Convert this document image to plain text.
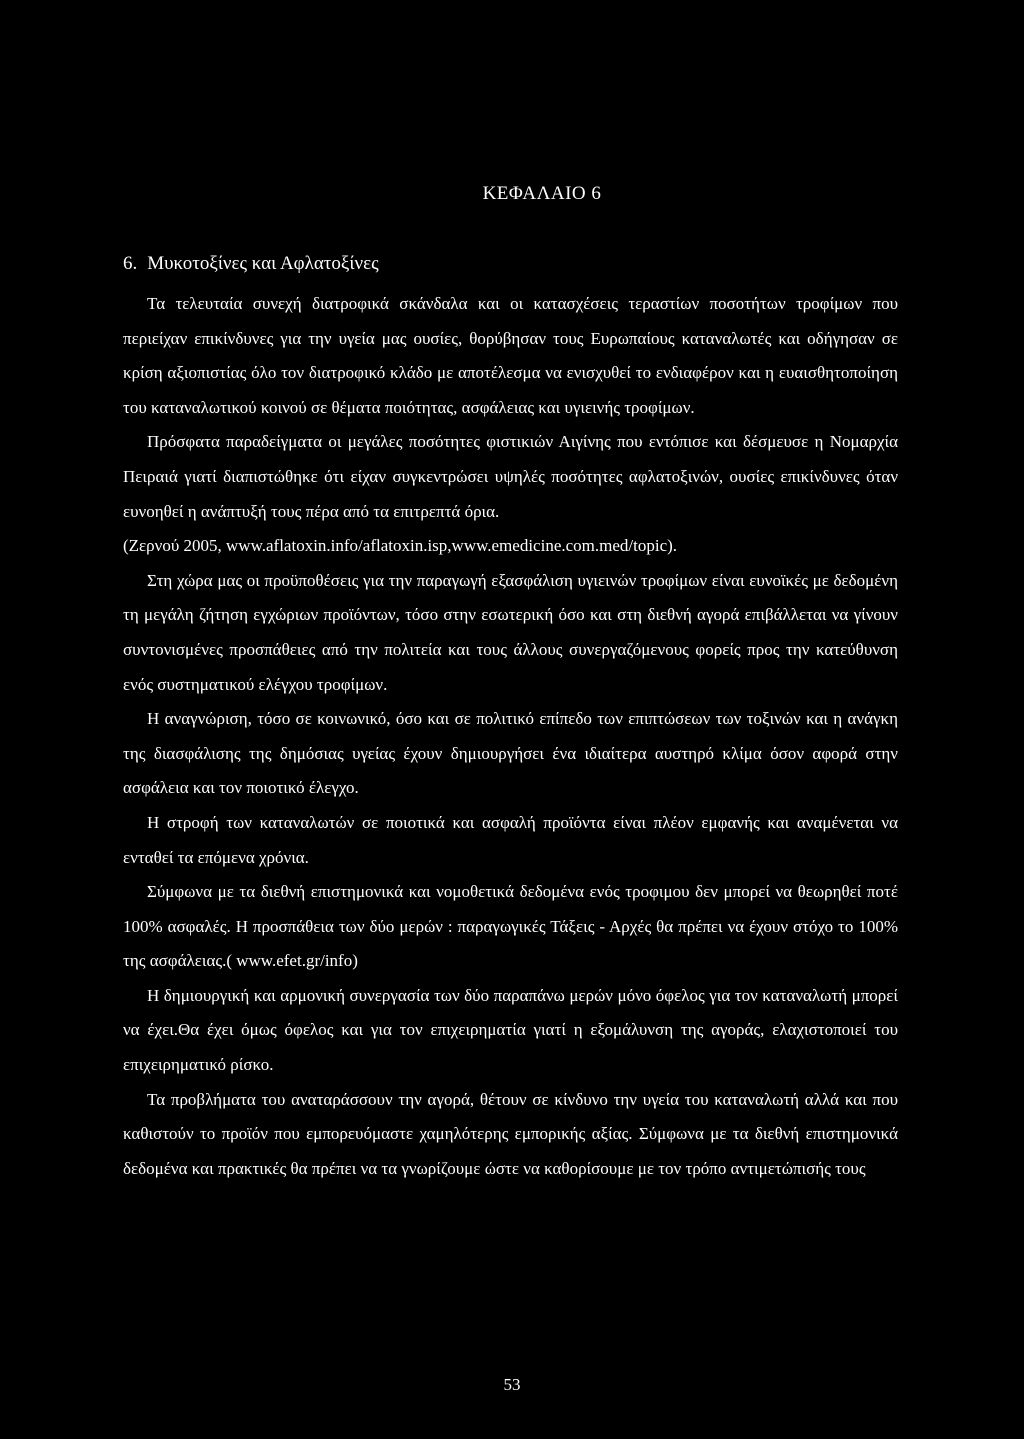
ΚΕΦΑΛΑΙΟ 6
6. Μυκοτοξίνες και Αφλατοξίνες

Τα τελευταία συνεχή διατροφικά σκάνδαλα και οι κατασχέσεις τεραστίων ποσοτήτων τροφίμων που περιείχαν επικίνδυνες για την υγεία μας ουσίες, θορύβησαν τους Ευρωπαίους καταναλωτές και οδήγησαν σε κρίση αξιοπιστίας όλο τον διατροφικό κλάδο με αποτέλεσμα να ενισχυθεί το ενδιαφέρον και η ευαισθητοποίηση του καταναλωτικού κοινού σε θέματα ποιότητας, ασφάλειας και υγιεινής τροφίμων.

Πρόσφατα παραδείγματα οι μεγάλες ποσότητες φιστικιών Αιγίνης που εντόπισε και δέσμευσε η Νομαρχία Πειραιά γιατί διαπιστώθηκε ότι είχαν συγκεντρώσει υψηλές ποσότητες αφλατοξινών, ουσίες επικίνδυνες όταν ευνοηθεί η ανάπτυξή τους πέρα από τα επιτρεπτά όρια.

(Ζερνού 2005, www.aflatoxin.info/aflatoxin.isp,www.emedicine.com.med/topic).

Στη χώρα μας οι προϋποθέσεις για την παραγωγή εξασφάλιση υγιεινών τροφίμων είναι ευνοϊκές με δεδομένη τη μεγάλη ζήτηση εγχώριων προϊόντων, τόσο στην εσωτερική όσο και στη διεθνή αγορά επιβάλλεται να γίνουν συντονισμένες προσπάθειες από την πολιτεία και τους άλλους συνεργαζόμενους φορείς προς την κατεύθυνση ενός συστηματικού ελέγχου τροφίμων.

Η αναγνώριση, τόσο σε κοινωνικό, όσο και σε πολιτικό επίπεδο των επιπτώσεων των τοξινών και η ανάγκη της διασφάλισης της δημόσιας υγείας έχουν δημιουργήσει ένα ιδιαίτερα αυστηρό κλίμα όσον αφορά στην ασφάλεια και τον ποιοτικό έλεγχο.

Η στροφή των καταναλωτών σε ποιοτικά και ασφαλή προϊόντα είναι πλέον εμφανής και αναμένεται να ενταθεί τα επόμενα χρόνια.

Σύμφωνα με τα διεθνή επιστημονικά και νομοθετικά δεδομένα ενός τροφιμου δεν μπορεί να θεωρηθεί ποτέ 100% ασφαλές. Η προσπάθεια των δύο μερών : παραγωγικές Τάξεις - Αρχές θα πρέπει να έχουν στόχο το 100% της ασφάλειας.( www.efet.gr/info)

Η δημιουργική και αρμονική συνεργασία των δύο παραπάνω μερών μόνο όφελος για τον καταναλωτή μπορεί να έχει.Θα έχει όμως όφελος και για τον επιχειρηματία γιατί η εξομάλυνση της αγοράς, ελαχιστοποιεί του επιχειρηματικό ρίσκο.

Τα προβλήματα του αναταράσσουν την αγορά, θέτουν σε κίνδυνο την υγεία του καταναλωτή αλλά και που καθιστούν το προϊόν που εμπορευόμαστε χαμηλότερης εμπορικής αξίας. Σύμφωνα με τα διεθνή επιστημονικά δεδομένα και πρακτικές θα πρέπει να τα γνωρίζουμε ώστε να καθορίσουμε με τον τρόπο αντιμετώπισής τους

53
